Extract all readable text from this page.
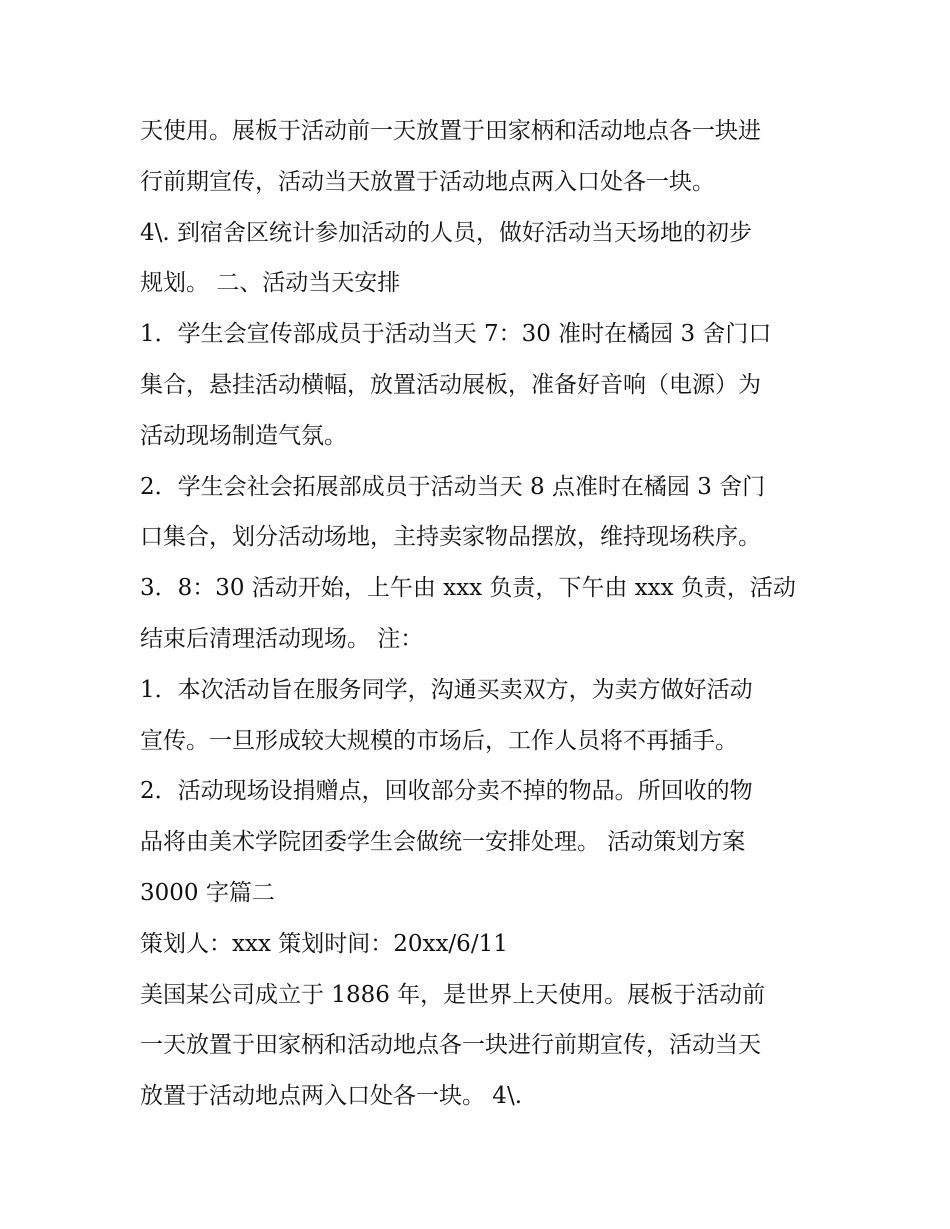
天使用。展板于活动前一天放置于田家柄和活动地点各一块进
行前期宣传，活动当天放置于活动地点两入口处各一块。
4\. 到宿舍区统计参加活动的人员，做好活动当天场地的初步
规划。 二、活动当天安排
1．学生会宣传部成员于活动当天 7：30 准时在橘园 3 舍门口
集合，悬挂活动横幅，放置活动展板，准备好音响（电源）为
活动现场制造气氛。
2．学生会社会拓展部成员于活动当天 8 点准时在橘园 3 舍门
口集合，划分活动场地，主持卖家物品摆放，维持现场秩序。
3．8：30 活动开始，上午由 xxx 负责，下午由 xxx 负责，活动
结束后清理活动现场。 注：
1．本次活动旨在服务同学，沟通买卖双方，为卖方做好活动
宣传。一旦形成较大规模的市场后，工作人员将不再插手。
2．活动现场设捐赠点，回收部分卖不掉的物品。所回收的物
品将由美术学院团委学生会做统一安排处理。 活动策划方案
3000 字篇二
策划人：xxx 策划时间：20xx/6/11
美国某公司成立于 1886 年，是世界上天使用。展板于活动前
一天放置于田家柄和活动地点各一块进行前期宣传，活动当天
放置于活动地点两入口处各一块。 4\.
